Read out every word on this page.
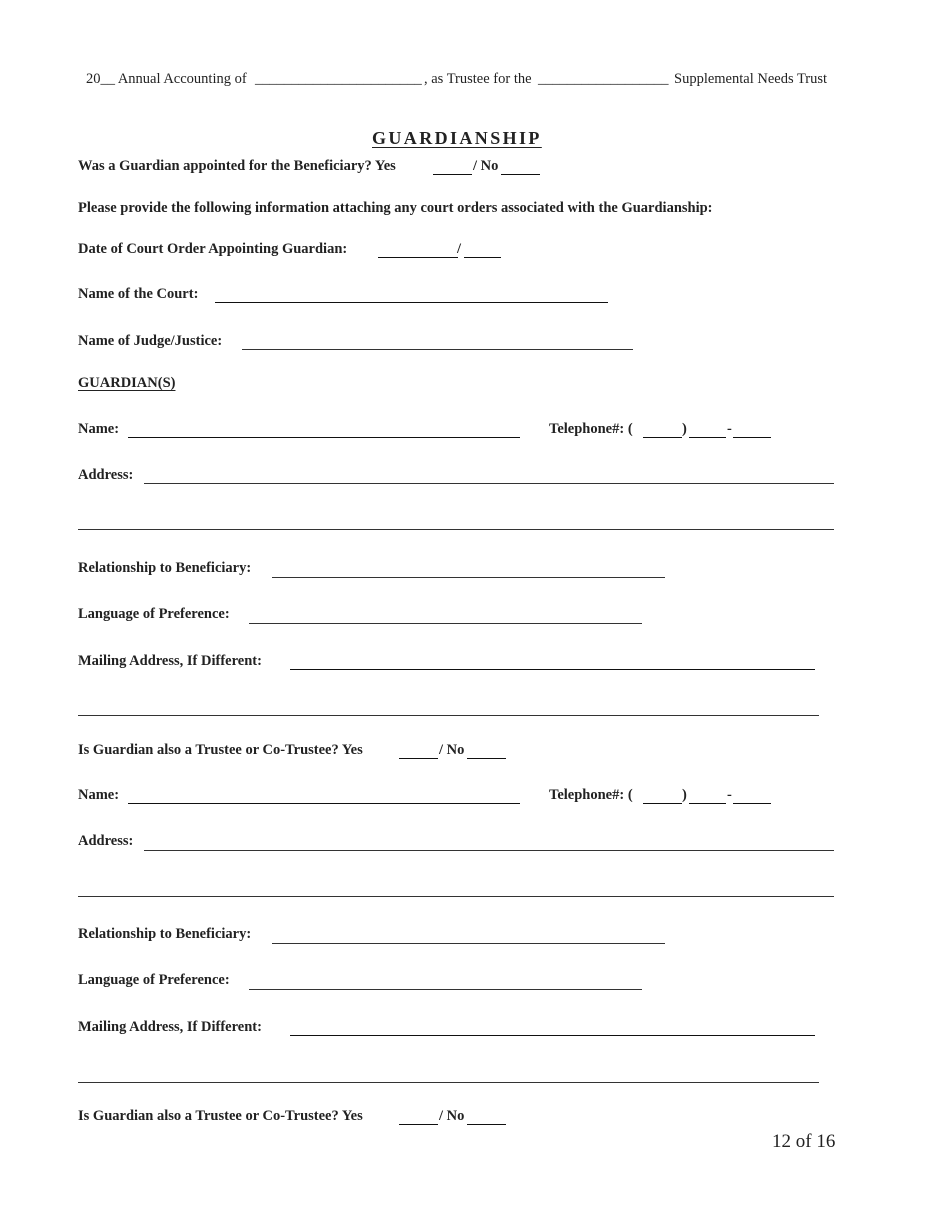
20__ Annual Accounting of _______________________ , as Trustee for the __________________ Supplemental Needs Trust
GUARDIANSHIP
Was a Guardian appointed for the Beneficiary? Yes	/ No
Please provide the following information attaching any court orders associated with the Guardianship:
Date of Court Order Appointing Guardian:	/
Name of the Court:
Name of Judge/Justice:
GUARDIAN(S)
Name:	Telephone#: (	)	-
Address:
Relationship to Beneficiary:
Language of Preference:
Mailing Address, If Different:
Is Guardian also a Trustee or Co-Trustee? Yes	/ No
Name:	Telephone#: (	)	-
Address:
Relationship to Beneficiary:
Language of Preference:
Mailing Address, If Different:
Is Guardian also a Trustee or Co-Trustee? Yes	/ No
12 of 16
